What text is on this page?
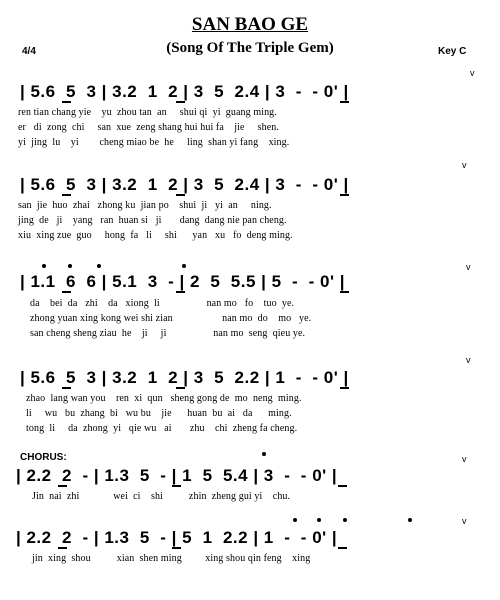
SAN BAO GE
(Song Of The Triple Gem)
4/4	Key C
v
| 5.6  5  3 | 3.2  1  2 | 3  5  2.4 | 3  -  - 0' |
ren tian chang yie    yu  zhou tan  an     shui qi  yi  guang ming.
er   di  zong  chi     san  xue  zeng shang hui hui fa    jie     shen.
yi  jing  lu    yi        cheng miao be  he     ling  shan yi fang    xing.
v
| 5.6  5  3 | 3.2  1  2 | 3  5  2.4 | 3  -  - 0' |
san  jie  huo  zhai   zhong ku  jian po    shui  ji   yi  an     ning.
jing  de   ji    yang   ran  huan si   ji       dang  dang nie pan cheng.
xiu  xing zue  guo     hong  fa   li     shi      yan   xu   fo  deng ming.
v
| 1.1  6  6 | 5.1  3  - | 2  5  5.5 | 5  -  - 0' |
da    bei  da   zhi    da   xiong  li                  nan mo   fo    tuo  ye.
zhong yuan xing kong wei shi zian                   nan mo  do    mo   ye.
san cheng sheng ziau  he    ji     ji                  nan mo  seng  qieu ye.
v
| 5.6  5  3 | 3.2  1  2 | 3  5  2.2 | 1  -  - 0' |
zhao  lang wan you    ren  xi  qun   sheng gong de  mo  neng  ming.
li     wu   bu  zhang  bi   wu bu    jie      huan  bu  ai   da      ming.
tong  li     da  zhong  yi   qie wu   ai       zhu    chi  zheng fa cheng.
CHORUS:	v
| 2.2  2  - | 1.3  5  - | 1  5  5.4 | 3  -  - 0' |
Jin  nai  zhi             wei  ci    shi          zhin  zheng gui yi    chu.
v
| 2.2  2  - | 1.3  5  - | 5  1  2.2 | 1  -  - 0' |
jin  xing  shou          xian  shen ming         xing shou qin feng    xing
